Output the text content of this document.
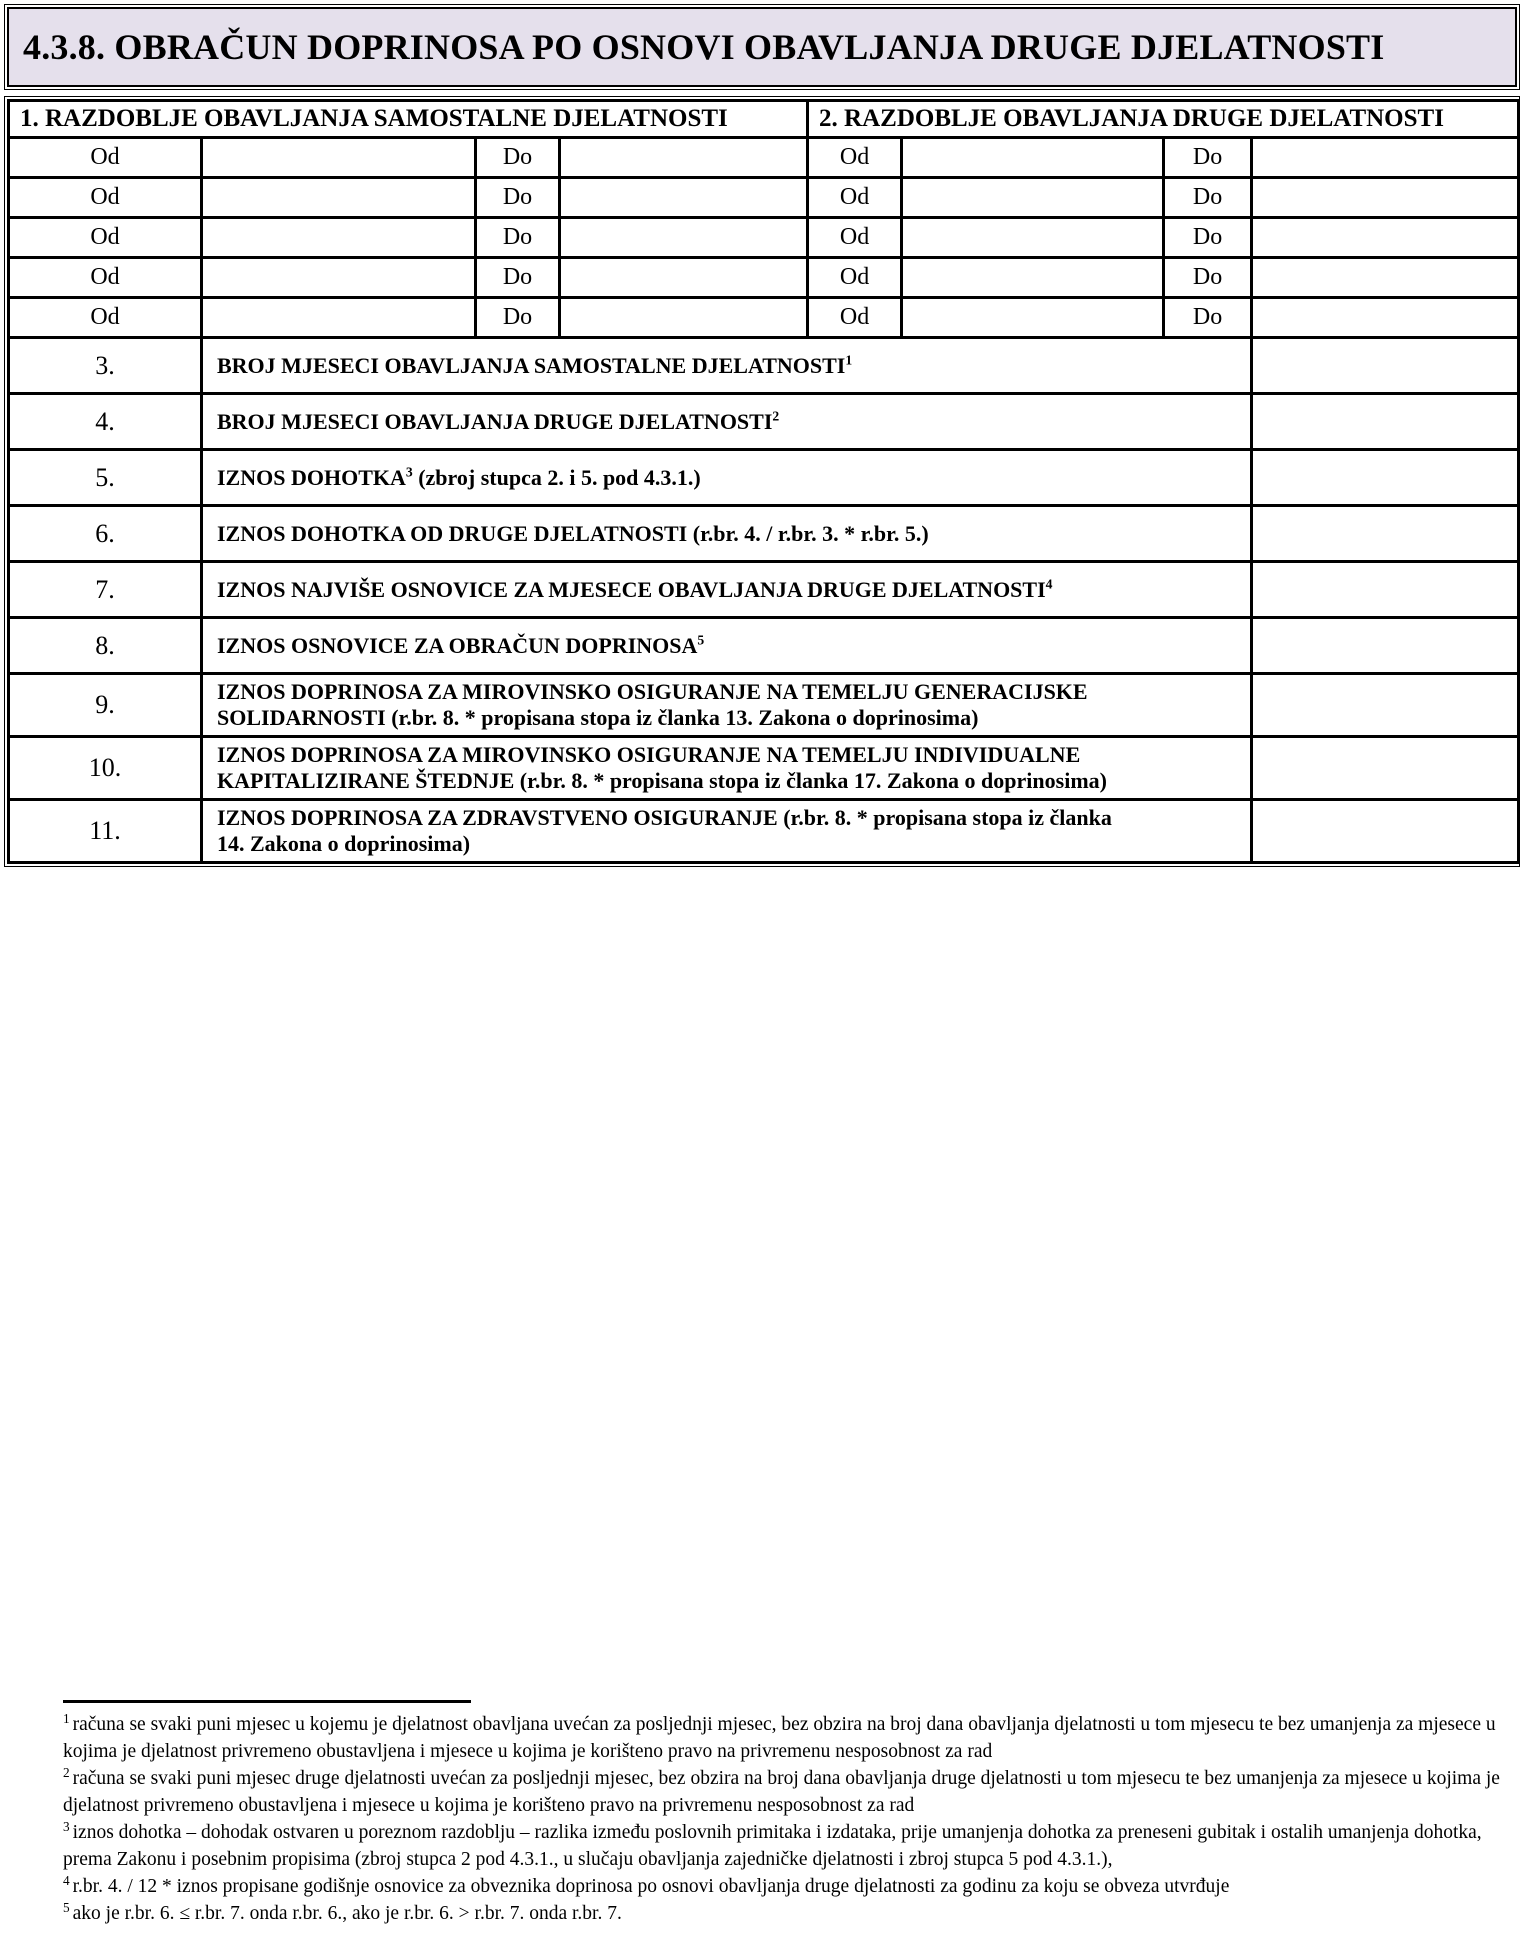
4.3.8. OBRAČUN DOPRINOSA PO OSNOVI OBAVLJANJA DRUGE DJELATNOSTI
1. RAZDOBLJE OBAVLJANJA SAMOSTALNE DJELATNOSTI				2. RAZDOBLJE OBAVLJANJA DRUGE DJELATNOSTI			
Od		Do		Od		Do	
Od		Do		Od		Do	
Od		Do		Od		Do	
Od		Do		Od		Do	
Od		Do		Od		Do	
3.	BROJ MJESECI OBAVLJANJA SAMOSTALNE DJELATNOSTI$^1$	
4.	BROJ MJESECI OBAVLJANJA DRUGE DJELATNOSTI$^2$	
5.	IZNOS DOHOTKA$^3$ (zbroj stupca 2. i 5. pod 4.3.1.)						
6.	IZNOS DOHOTKA OD DRUGE DJELATNOSTI (r.br. 4. / r.br. 3. * r.br. 5.)						
7.	IZNOS NAJVIŠE OSNOVICE ZA MJESECE OBAVLJANJA DRUGE DJELATNOSTI$^4$	
8.	IZNOS OSNOVICE ZA OBRAČUN DOPRINOSA$^5$	
9.	IZNOS DOPRINOSA ZA MIROVINSKO OSIGURANJE NA TEMELJU GENERACIJSKE SOLIDARNOSTI (r.br. 8. * propisana stopa iz članka 13. Zakona o doprinosima)						
10.	IZNOS DOPRINOSA ZA MIROVINSKO OSIGURANJE NA TEMELJU INDIVIDUALNE KAPITALIZIRANE ŠTEDNJE (r.br. 8. * propisana stopa iz članka 17. Zakona o doprinosima)						
11.	IZNOS DOPRINOSA ZA ZDRAVSTVENO OSIGURANJE (r.br. 8. * propisana stopa iz članka 14. Zakona o doprinosima)						
$^1$ računa se svaki puni mjesec u kojemu je djelatnost obavljana uvećan za posljednji mjesec, bez obzira na broj dana obavljanja djelatnosti u tom mjesecu te bez umanjenja za mjesece u kojima je djelatnost privremeno obustavljena i mjesece u kojima je korišteno pravo na privremenu nesposobnost za rad
$^2$ računa se svaki puni mjesec druge djelatnosti uvećan za posljednji mjesec, bez obzira na broj dana obavljanja druge djelatnosti u tom mjesecu te bez umanjenja za mjesece u kojima je djelatnost privremeno obustavljena i mjesece u kojima je korišteno pravo na privremenu nesposobnost za rad
$^3$ iznos dohotka – dohodak ostvaren u poreznom razdoblju – razlika između poslovnih primitaka i izdataka, prije umanjenja dohotka za preneseni gubitak i ostalih umanjenja dohotka, prema Zakonu i posebnim propisima (zbroj stupca 2 pod 4.3.1., u slučaju obavljanja zajedničke djelatnosti i zbroj stupca 5 pod 4.3.1.),
$^4$ r.br. 4. / 12 * iznos propisane godišnje osnovice za obveznika doprinosa po osnovi obavljanja druge djelatnosti za godinu za koju se obveza utvrđuje
$^5$ ako je r.br. 6. ≤ r.br. 7. onda r.br. 6., ako je r.br. 6. > r.br. 7. onda r.br. 7.
